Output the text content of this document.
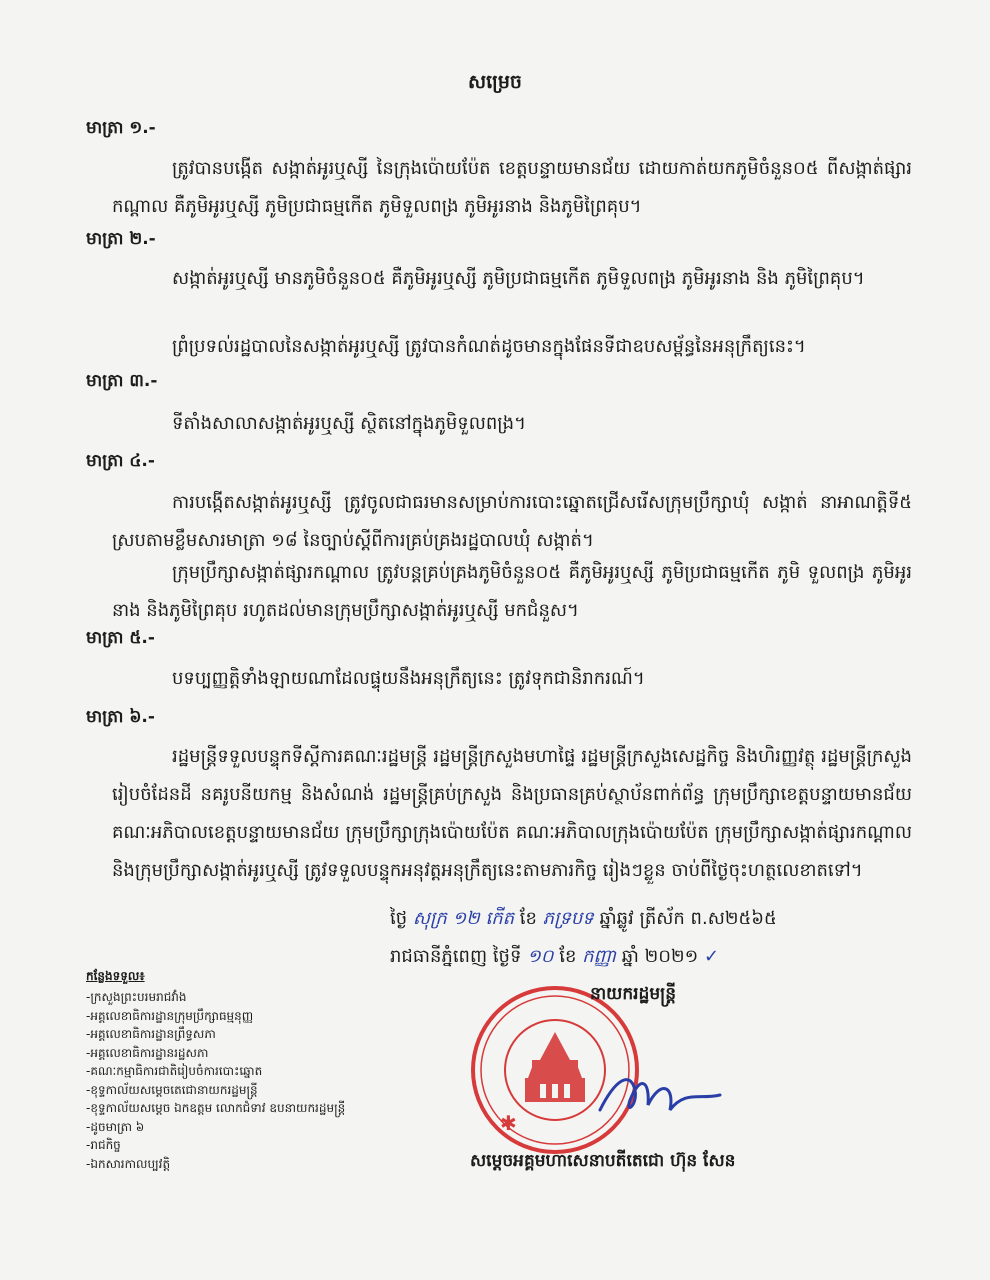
សម្រេច
មាត្រា ១.-
ត្រូវបានបង្កើត សង្កាត់អូរឬស្សី នៃក្រុងប៉ោយប៉ែត ខេត្តបន្ទាយមានជ័យ ដោយកាត់យកភូមិចំនួន០៥ ពីសង្កាត់ផ្សារកណ្តាល គឺភូមិអូរឬស្សី ភូមិប្រជាធម្មកើត ភូមិទួលពង្រ ភូមិអូរនាង និងភូមិព្រៃគុប។
មាត្រា ២.-
សង្កាត់អូរឬស្សី មានភូមិចំនួន០៥ គឺភូមិអូរឬស្សី ភូមិប្រជាធម្មកើត ភូមិទួលពង្រ ភូមិអូរនាង និង ភូមិព្រៃគុប។
ព្រំប្រទល់រដ្ឋបាលនៃសង្កាត់អូរឬស្សី ត្រូវបានកំណត់ដូចមានក្នុងផែនទីជាឧបសម្ព័ន្ធនៃអនុក្រឹត្យនេះ។
មាត្រា ៣.-
ទីតាំងសាលាសង្កាត់អូរឬស្សី ស្ថិតនៅក្នុងភូមិទួលពង្រ។
មាត្រា ៤.-
ការបង្កើតសង្កាត់អូរឬស្សី ត្រូវចូលជាធរមានសម្រាប់ការបោះឆ្នោតជ្រើសរើសក្រុមប្រឹក្សាឃុំ សង្កាត់ នាអាណត្តិទី៥ ស្របតាមខ្លឹមសារមាត្រា ១៨ នៃច្បាប់ស្តីពីការគ្រប់គ្រងរដ្ឋបាលឃុំ សង្កាត់។
ក្រុមប្រឹក្សាសង្កាត់ផ្សារកណ្តាល ត្រូវបន្តគ្រប់គ្រងភូមិចំនួន០៥ គឺភូមិអូរឬស្សី ភូមិប្រជាធម្មកើត ភូមិ ទួលពង្រ ភូមិអូរនាង និងភូមិព្រៃគុប រហូតដល់មានក្រុមប្រឹក្សាសង្កាត់អូរឬស្សី មកជំនួស។
មាត្រា ៥.-
បទប្បញ្ញត្តិទាំងឡាយណាដែលផ្ទុយនឹងអនុក្រឹត្យនេះ ត្រូវទុកជានិរាករណ៍។
មាត្រា ៦.-
រដ្ឋមន្ត្រីទទួលបន្ទុកទីស្តីការគណៈរដ្ឋមន្ត្រី រដ្ឋមន្ត្រីក្រសួងមហាផ្ទៃ រដ្ឋមន្ត្រីក្រសួងសេដ្ឋកិច្ច និងហិរញ្ញវត្ថុ រដ្ឋមន្ត្រីក្រសួងរៀបចំដែនដី នគរូបនីយកម្ម និងសំណង់ រដ្ឋមន្ត្រីគ្រប់ក្រសួង និងប្រធានគ្រប់ស្ថាប័នពាក់ព័ន្ធ ក្រុមប្រឹក្សាខេត្តបន្ទាយមានជ័យ គណៈអភិបាលខេត្តបន្ទាយមានជ័យ ក្រុមប្រឹក្សាក្រុងប៉ោយប៉ែត គណៈអភិបាលក្រុងប៉ោយប៉ែត ក្រុមប្រឹក្សាសង្កាត់ផ្សារកណ្តាល និងក្រុមប្រឹក្សាសង្កាត់អូរឬស្សី ត្រូវទទួលបន្ទុកអនុវត្តអនុក្រឹត្យនេះតាមភារកិច្ច រៀងៗខ្លួន ចាប់ពីថ្ងៃចុះហត្ថលេខាតទៅ។
ថ្ងៃ សុក្រ ១២ កើត ខែ ភទ្របទ ឆ្នាំឆ្លូវ ត្រីស័ក ព.ស២៥៦៥
រាជធានីភ្នំពេញ ថ្ងៃទី ១០ ខែ កញ្ញា ឆ្នាំ ២០២១ ✓
កន្លែងទទួល៖
-ក្រសួងព្រះបរមរាជវាំង
-អគ្គលេខាធិការដ្ឋានក្រុមប្រឹក្សាធម្មនុញ្ញ
-អគ្គលេខាធិការដ្ឋានព្រឹទ្ធសភា
-អគ្គលេខាធិការដ្ឋានរដ្ឋសភា
-គណៈកម្មាធិការជាតិរៀបចំការបោះឆ្នោត
-ខុទ្ទកាល័យសម្តេចតេជោនាយករដ្ឋមន្ត្រី
-ខុទ្ទកាល័យសម្តេច ឯកឧត្តម លោកជំទាវ ឧបនាយករដ្ឋមន្ត្រី
-ដូចមាត្រា ៦
-រាជកិច្ច
-ឯកសារកាលប្បវត្តិ
✱
នាយករដ្ឋមន្ត្រី
សម្តេចអគ្គមហាសេនាបតីតេជោ ហ៊ុន សែន
